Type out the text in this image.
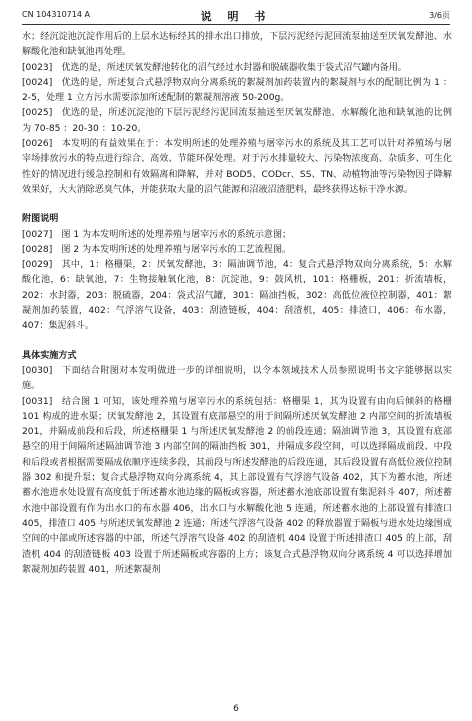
CN 104310714 A	说 明 书	3/6页

水；经沉淀池沉淀作用后的上层水达标经其的排水出口排放，下层污泥经污泥回流泵抽送至厌氧发酵池、水解酸化池和缺氧池再处理。

[0023]　优选的是，所述厌氧发酵池转化的沼气经过水封器和脱硫器收集于袋式沼气罐内备用。

[0024]　优选的是，所述复合式悬浮物双向分离系统的絮凝剂加药装置内的絮凝剂与水的配制比例为 1 ：2-5，处理 1 立方污水需要添加所述配制的絮凝剂溶液 50-200g。

[0025]　优选的是，所述沉淀池的下层污泥经污泥回流泵抽送至厌氧发酵池、水解酸化池和缺氧池的比例为 70-85 ：20-30 ：10-20。

[0026]　本发明的有益效果在于：本发明所述的处理养殖与屠宰污水的系统及其工艺可以针对养殖场与屠宰场排放污水的特点进行综合、高效、节能环保处理。对于污水排量较大、污染物浓度高、杂质多、可生化性好的情况进行缓急控制和有效隔离和降解，并对 BOD5、CODcr、SS、TN、动植物油等污染物因子降解效果好，大大消除恶臭气体，并能获取大量的沼气能源和沼液沼渣肥料，最终获得达标干净水源。

附图说明

[0027]　图 1 为本发明所述的处理养殖与屠宰污水的系统示意图；

[0028]　图 2 为本发明所述的处理养殖与屠宰污水的工艺流程图。

[0029]　其中，1：格栅渠，2：厌氧发酵池，3：隔油调节池，4：复合式悬浮物双向分离系统，5：水解酸化池，6：缺氧池，7：生物接触氧化池，8：沉淀池，9：鼓风机，101：格栅板，201：折流墙板，202：水封器，203：脱硫器，204：袋式沼气罐，301：隔油挡板，302：高低位液位控制器，401：絮凝剂加药装置，402：气浮溶气设备，403：刮渣链板，404：刮渣机，405：排渣口，406：布水器，407：集泥斜斗。

具体实施方式

[0030]　下面结合附图对本发明做进一步的详细说明，以令本领域技术人员参照说明书文字能够据以实施。

[0031]　结合图 1 可知，该处理养殖与屠宰污水的系统包括：格栅渠 1，其为设置有由向后倾斜的格栅 101 构成的进水渠；厌氧发酵池 2，其设置有底部悬空的用于间隔所述厌氧发酵池 2 内部空间的折流墙板 201，并隔成前段和后段，所述格栅渠 1 与所述厌氧发酵池 2 的前段连通；隔油调节池 3，其设置有底部悬空的用于间隔所述隔油调节池 3 内部空间的隔油挡板 301，并隔成多段空间，可以选择隔成前段、中段和后段或者根据需要隔成依顺序连续多段，其前段与所述发酵池的后段连通，其后段设置有高低位液位控制器 302 和提升泵；复合式悬浮物双向分离系统 4，其上部设置有气浮溶气设备 402，其下为蓄水池，所述蓄水池进水处设置有高度低于所述蓄水池边缘的隔板或容器，所述蓄水池底部设置有集泥斜斗 407，所述蓄水池中部设置有作为出水口的布水器 406，出水口与水解酸化池 5 连通，所述蓄水池的上部设置有排渣口 405，排渣口 405 与所述厌氧发酵池 2 连通；所述气浮溶气设备 402 的释放器置于隔板与进水处边缘围成空间的中部或所述容器的中部，所述气浮溶气设备 402 的刮渣机 404 设置于所述排渣口 405 的上部，刮渣机 404 的刮渣链板 403 设置于所述隔板或容器的上方；该复合式悬浮物双向分离系统 4 可以选择增加絮凝剂加药装置 401，所述絮凝剂

6
